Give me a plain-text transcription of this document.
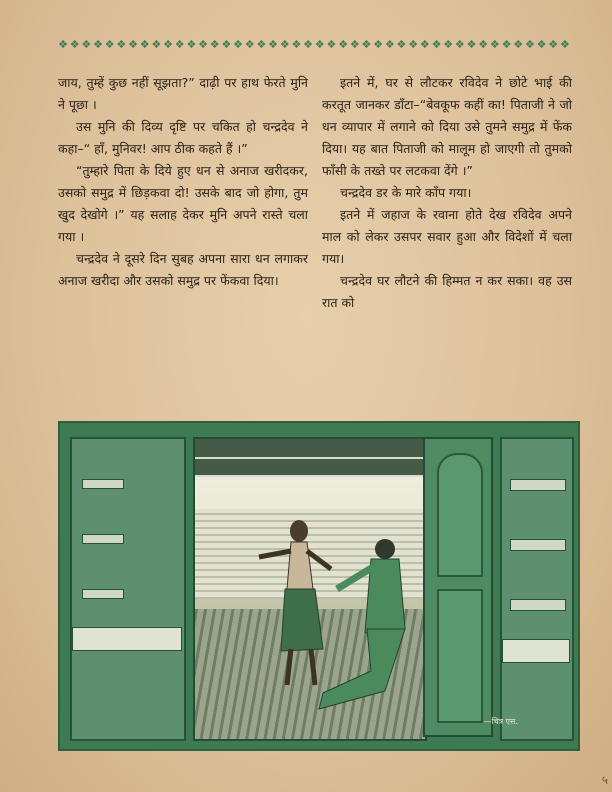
❖ ❖ ❖ ❖ ❖ ❖ ❖ ❖ ❖ ❖ ❖ ❖ ❖ ❖ ❖ ❖ ❖ ❖ ❖ ❖ ❖ ❖ ❖ ❖ ❖ ❖ ❖ ❖ ❖ ❖ ❖ ❖ ❖ ❖ ❖ ❖ ❖ ❖ ❖ ❖ ❖ ❖ ❖ ❖

जाय, तुम्हें कुछ नहीं सूझता?” दाढ़ी पर हाथ फेरते मुनि ने पूछा ।

उस मुनि की दिव्य दृष्टि पर चकित हो चन्द्रदेव ने कहा–“ हाँ, मुनिवर! आप ठीक कहते हैं ।”

“तुम्हारे पिता के दिये हुए धन से अनाज खरीदकर, उसको समुद्र में छिड़कवा दो! उसके बाद जो होगा, तुम खुद देखोगे ।” यह सलाह देकर मुनि अपने रास्ते चला गया ।

चन्द्रदेव ने दूसरे दिन सुबह अपना सारा धन लगाकर अनाज खरीदा और उसको समुद्र पर फेंकवा दिया।

इतने में, घर से लौटकर रविदेव ने छोटे भाई की करतूत जानकर डाँटा–“बेवकूफ कहीं का! पिताजी ने जो धन व्यापार में लगाने को दिया उसे तुमने समुद्र में फेंक दिया। यह बात पिताजी को मालूम हो जाएगी तो तुमको फाँसी के तख्ते पर लटकवा देंगे ।”

चन्द्रदेव डर के मारे काँप गया।

इतने में जहाज के रवाना होते देख रविदेव अपने माल को लेकर उसपर सवार हुआ और विदेशों में चला गया।

चन्द्रदेव घर लौटने की हिम्मत न कर सका। वह उस रात को

—चित्र एस.
५
